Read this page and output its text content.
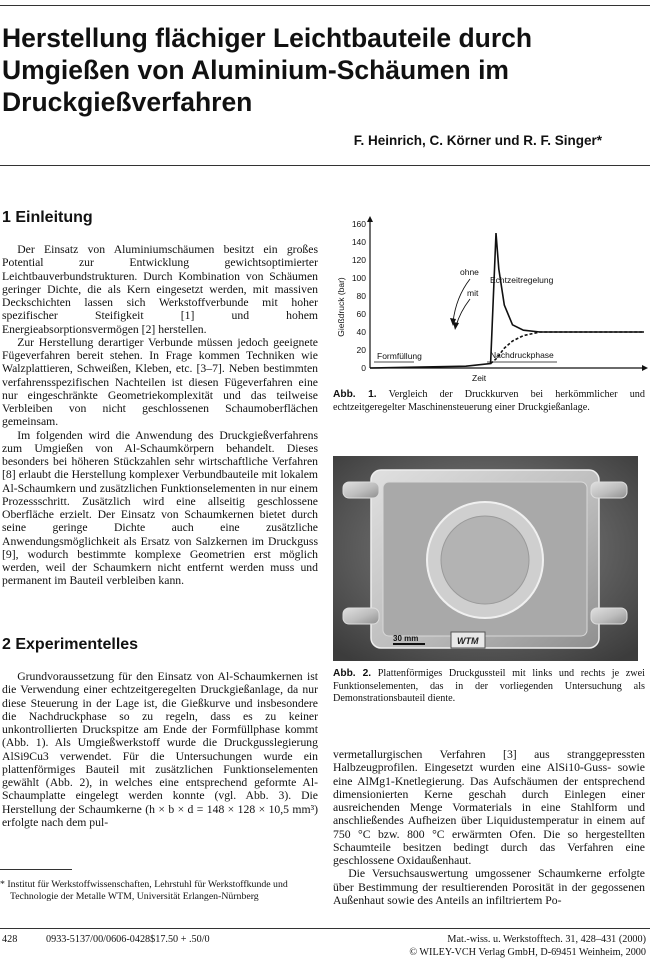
Herstellung flächiger Leichtbauteile durch Umgießen von Aluminium-Schäumen im Druckgießverfahren
F. Heinrich, C. Körner und R. F. Singer*
1 Einleitung

Der Einsatz von Aluminiumschäumen besitzt ein großes Potential zur Entwicklung gewichtsoptimierter Leichtbauverbundstrukturen. Durch Kombination von Schäumen geringer Dichte, die als Kern eingesetzt werden, mit massiven Deckschichten lassen sich Werkstoffverbunde mit hoher spezifischer Steifigkeit [1] und hohem Energieabsorptionsvermögen [2] herstellen.

Zur Herstellung derartiger Verbunde müssen jedoch geeignete Fügeverfahren bereit stehen. In Frage kommen Techniken wie Walzplattieren, Schweißen, Kleben, etc. [3–7]. Neben bestimmten verfahrensspezifischen Nachteilen ist diesen Fügeverfahren eine nur eingeschränkte Geometriekomplexität und das teilweise Verbleiben von nicht geschlossenen Schaumoberflächen gemeinsam.

Im folgenden wird die Anwendung des Druckgießverfahrens zum Umgießen von Al-Schaumkörpern behandelt. Dieses besonders bei höheren Stückzahlen sehr wirtschaftliche Verfahren [8] erlaubt die Herstellung komplexer Verbundbauteile mit lokalem Al-Schaumkern und zusätzlichen Funktionselementen in nur einem Prozessschritt. Zusätzlich wird eine allseitig geschlossene Oberfläche erzielt. Der Einsatz von Schaumkernen bietet durch seine geringe Dichte auch eine zusätzliche Anwendungsmöglichkeit als Ersatz von Salzkernen im Druckguss [9], wodurch bestimmte komplexe Geometrien erst möglich werden, weil der Schaumkern nicht entfernt werden muss und permanent im Bauteil verbleiben kann.

2 Experimentelles

Grundvoraussetzung für den Einsatz von Al-Schaumkernen ist die Verwendung einer echtzeitgeregelten Druckgießanlage, da nur diese Steuerung in der Lage ist, die Gießkurve und insbesondere die Nachdruckphase so zu regeln, dass es zu keiner unkontrollierten Druckspitze am Ende der Formfüllphase kommt (Abb. 1). Als Umgießwerkstoff wurde die Druckgusslegierung AlSi9Cu3 verwendet. Für die Untersuchungen wurde ein plattenförmiges Bauteil mit zusätzlichen Funktionselementen gewählt (Abb. 2), in welches eine entsprechend geformte Al-Schaumplatte eingelegt werden konnte (vgl. Abb. 3). Die Herstellung der Schaumkerne (h × b × d = 148 × 128 × 10,5 mm³) erfolgte nach dem pul-

* Institut für Werkstoffwissenschaften, Lehrstuhl für Werkstoffkunde und Technologie der Metalle WTM, Universität Erlangen-Nürnberg
Gießdruck (bar)
160
140
120
100
80
60
40
20
0
ohne
mit
Echtzeitregelung
Formfüllung	Nachdruckphase
Zeit
Abb. 1. Vergleich der Druckkurven bei herkömmlicher und echtzeitgeregelter Maschinensteuerung einer Druckgießanlage.
30 mm	WTM
Abb. 2. Plattenförmiges Druckgussteil mit links und rechts je zwei Funktionselementen, das in der vorliegenden Untersuchung als Demonstrationsbauteil diente.

vermetallurgischen Verfahren [3] aus stranggepressten Halbzeugprofilen. Eingesetzt wurden eine AlSi10-Guss- sowie eine AlMg1-Knetlegierung. Das Aufschäumen der entsprechend dimensionierten Kerne geschah durch Einlegen einer ausreichenden Menge Vormaterials in eine Stahlform und anschließendes Aufheizen über Liquidustemperatur in einem auf 750 °C bzw. 800 °C erwärmten Ofen. Die so hergestellten Schaumteile besitzen bedingt durch das Verfahren eine geschlossene Oxidaußenhaut.

Die Versuchsauswertung umgossener Schaumkerne erfolgte über Bestimmung der resultierenden Porosität in der gegossenen Außenhaut sowie des Anteils an infiltriertem Po-

428	0933-5137/00/0606-0428$17.50 + .50/0	Mat.-wiss. u. Werkstofftech. 31, 428–431 (2000)
© WILEY-VCH Verlag GmbH, D-69451 Weinheim, 2000
